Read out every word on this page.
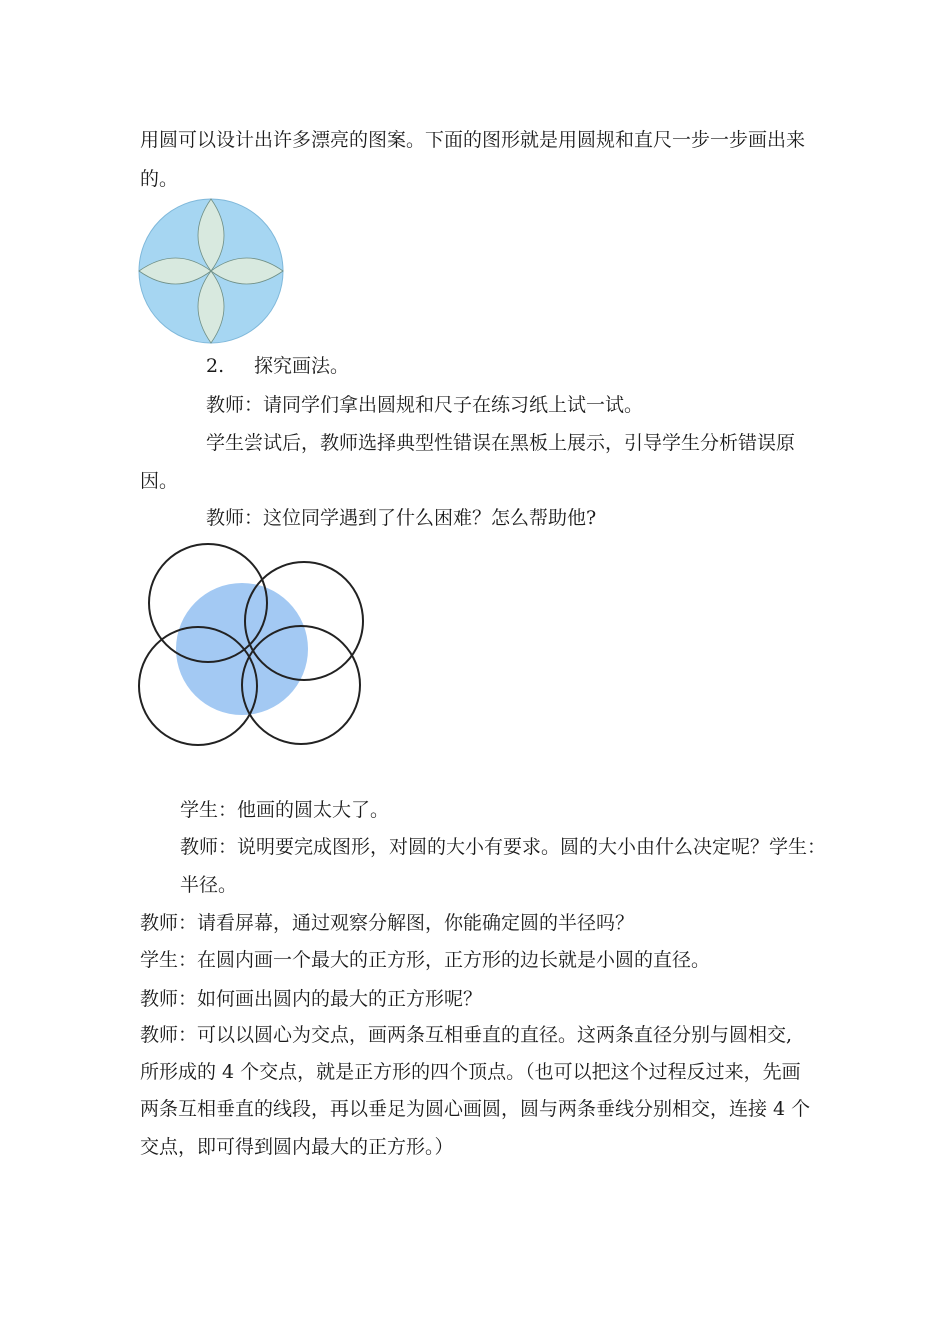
用圆可以设计出许多漂亮的图案。下面的图形就是用圆规和直尺一步一步画出来
的。
2. 探究画法。
教师：请同学们拿出圆规和尺子在练习纸上试一试。
学生尝试后，教师选择典型性错误在黑板上展示，引导学生分析错误原
因。
教师：这位同学遇到了什么困难？怎么帮助他?
学生：他画的圆太大了。
教师：说明要完成图形，对圆的大小有要求。圆的大小由什么决定呢？学生：
半径。
教师：请看屏幕，通过观察分解图，你能确定圆的半径吗？
学生：在圆内画一个最大的正方形，正方形的边长就是小圆的直径。
教师：如何画出圆内的最大的正方形呢？
教师：可以以圆心为交点，画两条互相垂直的直径。这两条直径分别与圆相交,
所形成的 4 个交点，就是正方形的四个顶点。（也可以把这个过程反过来，先画
两条互相垂直的线段，再以垂足为圆心画圆，圆与两条垂线分别相交，连接 4 个
交点，即可得到圆内最大的正方形。）
